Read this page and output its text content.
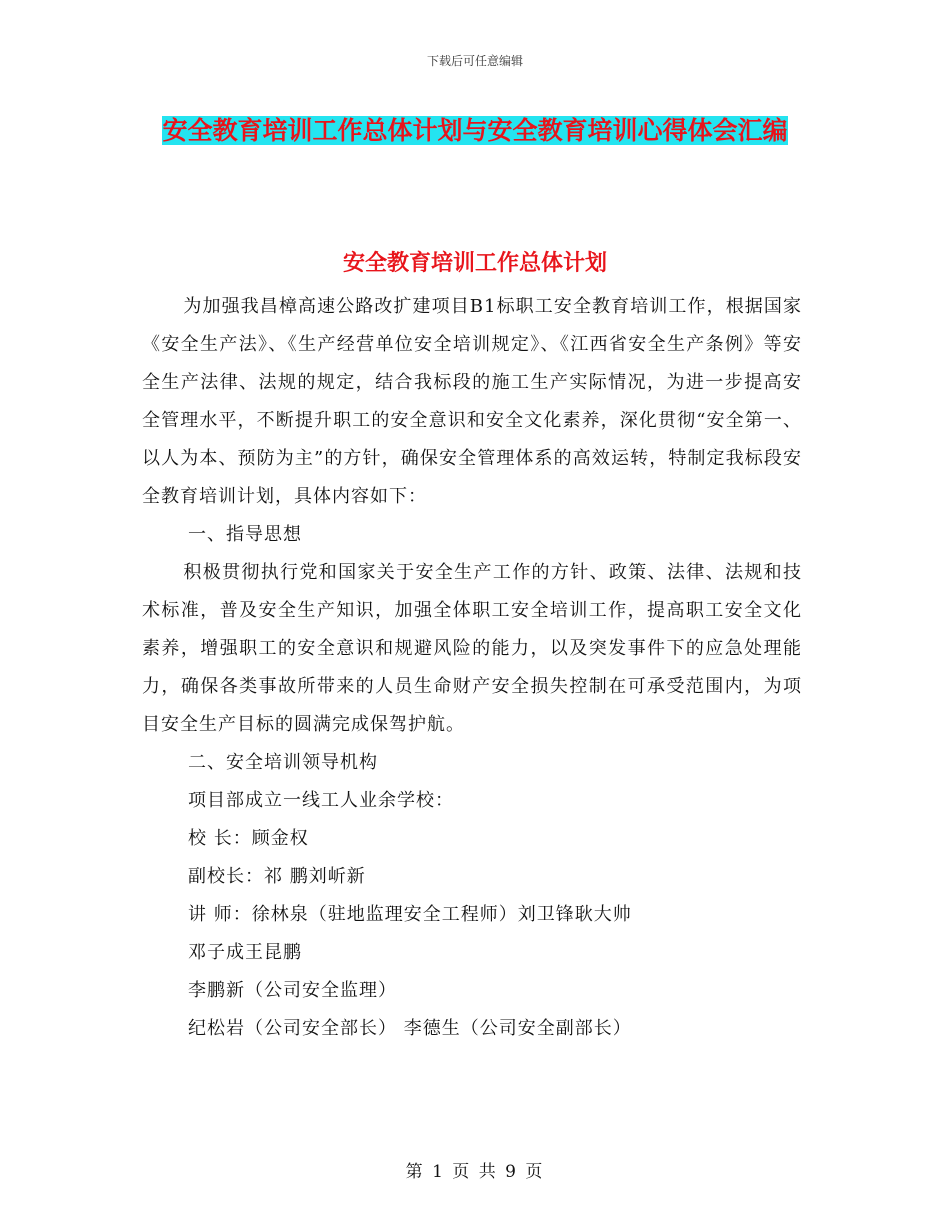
下载后可任意编辑
安全教育培训工作总体计划与安全教育培训心得体会汇编
安全教育培训工作总体计划

为加强我昌樟高速公路改扩建项目B1标职工安全教育培训工作，根据国家《安全生产法》、《生产经营单位安全培训规定》、《江西省安全生产条例》等安全生产法律、法规的规定，结合我标段的施工生产实际情况，为进一步提高安全管理水平，不断提升职工的安全意识和安全文化素养，深化贯彻“安全第一、以人为本、预防为主”的方针，确保安全管理体系的高效运转，特制定我标段安全教育培训计划，具体内容如下：

一、指导思想

积极贯彻执行党和国家关于安全生产工作的方针、政策、法律、法规和技术标准，普及安全生产知识，加强全体职工安全培训工作，提高职工安全文化素养，增强职工的安全意识和规避风险的能力，以及突发事件下的应急处理能力，确保各类事故所带来的人员生命财产安全损失控制在可承受范围内，为项目安全生产目标的圆满完成保驾护航。

二、安全培训领导机构

项目部成立一线工人业余学校：

校 长：顾金权

副校长：祁 鹏刘岓新

讲 师：徐林泉（驻地监理安全工程师）刘卫锋耿大帅

邓子成王昆鹏

李鹏新（公司安全监理）

纪松岩（公司安全部长） 李德生（公司安全副部长）

第 1 页 共 9 页
